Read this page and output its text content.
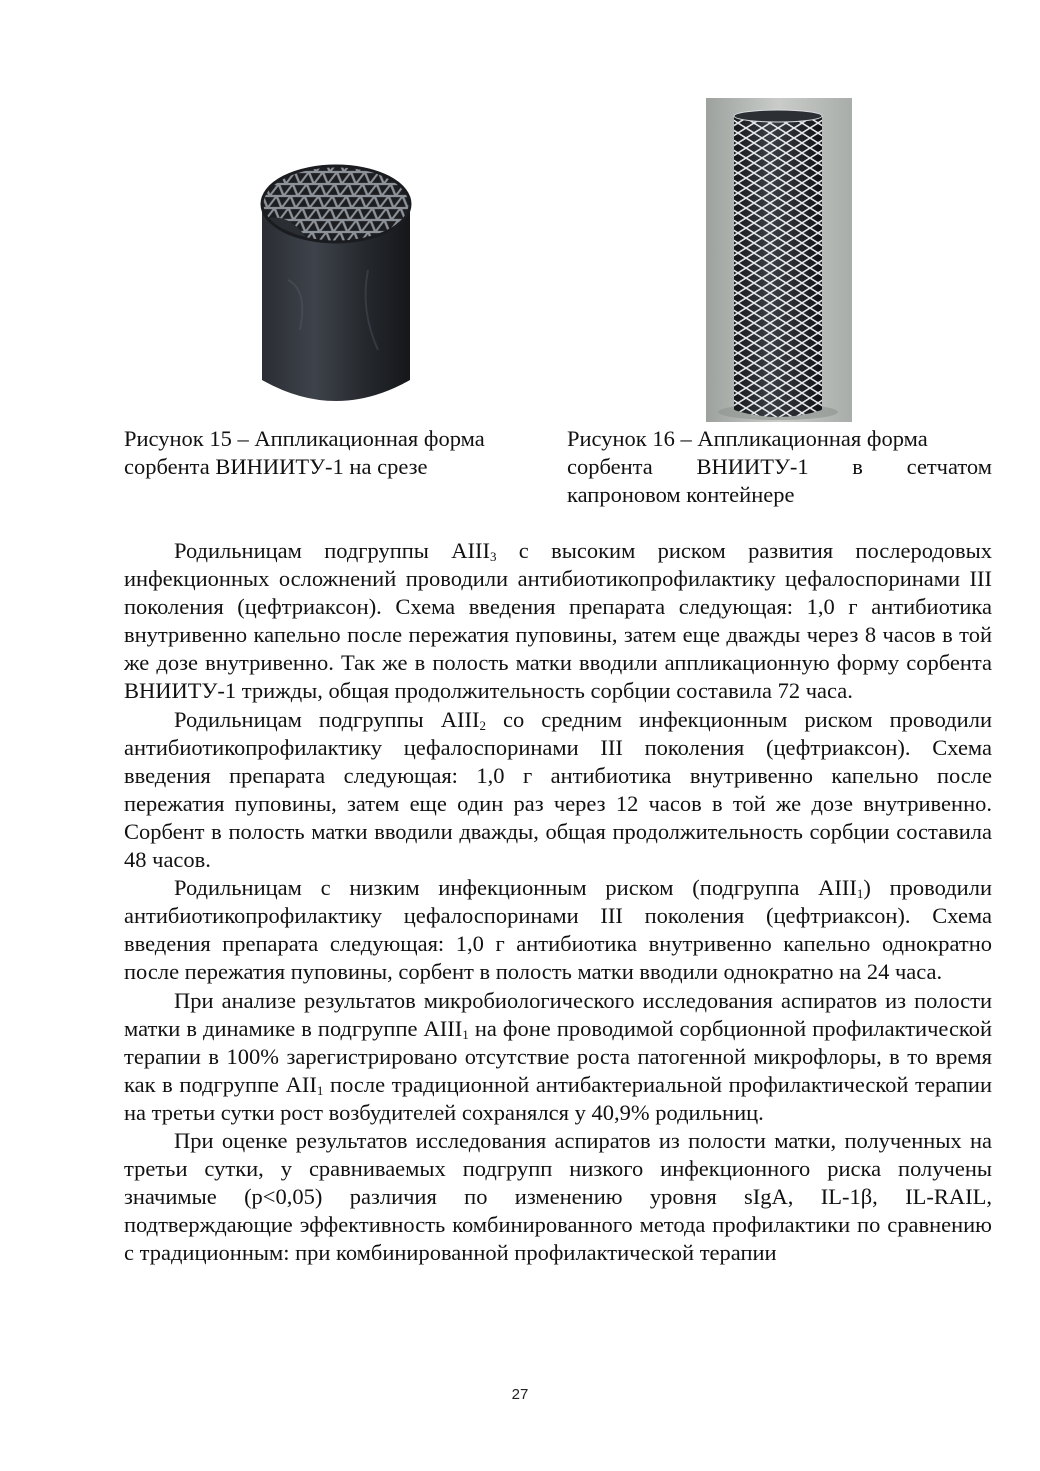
Рисунок 15 – Аппликационная форма
сорбента ВИНИИТУ-1 на срезе
Рисунок 16 – Аппликационная форма
сорбента ВНИИТУ-1 в сетчатом
капроновом контейнере

Родильницам подгруппы $АIII_3$ с высоким риском развития послеродовых инфекционных осложнений проводили антибиотикопрофилактику цефалоспоринами III поколения (цефтриаксон). Схема введения препарата следующая: 1,0 г антибиотика внутривенно капельно после пережатия пуповины, затем еще дважды через 8 часов в той же дозе внутривенно. Так же в полость матки вводили аппликационную форму сорбента ВНИИТУ-1 трижды, общая продолжительность сорбции составила 72 часа.

Родильницам подгруппы $АIII_2$ со средним инфекционным риском проводили антибиотикопрофилактику цефалоспоринами III поколения (цефтриаксон). Схема введения препарата следующая: 1,0 г антибиотика внутривенно капельно после пережатия пуповины, затем еще один раз через 12 часов в той же дозе внутривенно. Сорбент в полость матки вводили дважды, общая продолжительность сорбции составила 48 часов.

Родильницам с низким инфекционным риском (подгруппа $АIII_1$) проводили антибиотикопрофилактику цефалоспоринами III поколения (цефтриаксон). Схема введения препарата следующая: 1,0 г антибиотика внутривенно капельно однократно после пережатия пуповины, сорбент в полость матки вводили однократно на 24 часа.

При анализе результатов микробиологического исследования аспиратов из полости матки в динамике в подгруппе $АIII_1$ на фоне проводимой сорбционной профилактической терапии в 100% зарегистрировано отсутствие роста патогенной микрофлоры, в то время как в подгруппе $АII_1$ после традиционной антибактериальной профилактической терапии на третьи сутки рост возбудителей сохранялся у 40,9% родильниц.

При оценке результатов исследования аспиратов из полости матки, полученных на третьи сутки, у сравниваемых подгрупп низкого инфекционного риска получены значимые (p<0,05) различия по изменению уровня sIgA, IL-1β, IL-RAIL, подтверждающие эффективность комбинированного метода профилактики по сравнению с традиционным: при комбинированной профилактической терапии

27
